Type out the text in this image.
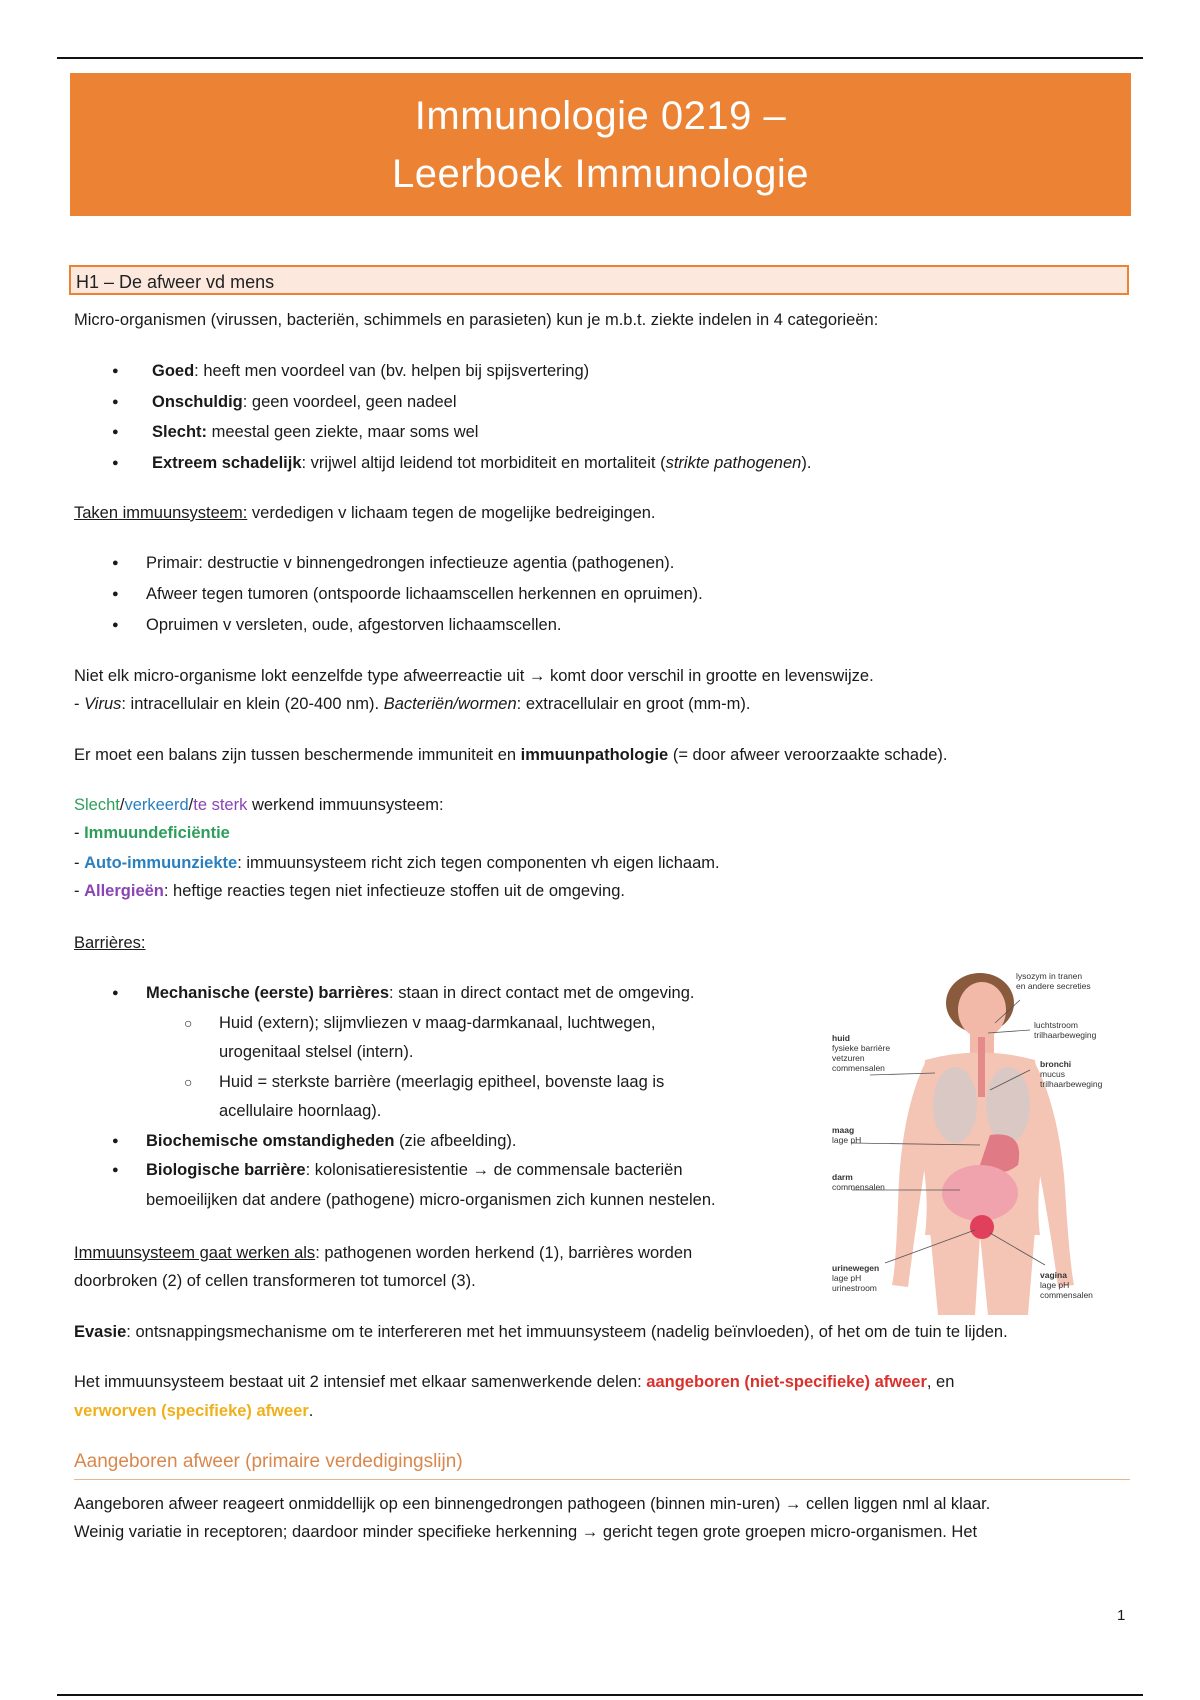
Immunologie 0219 –
Leerboek Immunologie
H1 – De afweer vd mens
Micro-organismen (virussen, bacteriën, schimmels en parasieten) kun je m.b.t. ziekte indelen in 4 categorieën:
● Goed: heeft men voordeel van (bv. helpen bij spijsvertering)
● Onschuldig: geen voordeel, geen nadeel
● Slecht: meestal geen ziekte, maar soms wel
● Extreem schadelijk: vrijwel altijd leidend tot morbiditeit en mortaliteit (strikte pathogenen).
Taken immuunsysteem: verdedigen v lichaam tegen de mogelijke bedreigingen.
● Primair: destructie v binnengedrongen infectieuze agentia (pathogenen).
● Afweer tegen tumoren (ontspoorde lichaamscellen herkennen en opruimen).
● Opruimen v versleten, oude, afgestorven lichaamscellen.
Niet elk micro-organisme lokt eenzelfde type afweerreactie uit → komt door verschil in grootte en levenswijze.
- Virus: intracellulair en klein (20-400 nm). Bacteriën/wormen: extracellulair en groot (mm-m).
Er moet een balans zijn tussen beschermende immuniteit en immuunpathologie (= door afweer veroorzaakte schade).
Slecht/verkeerd/te sterk werkend immuunsysteem:
- Immuundeficiëntie
- Auto-immuunziekte: immuunsysteem richt zich tegen componenten vh eigen lichaam.
- Allergieën: heftige reacties tegen niet infectieuze stoffen uit de omgeving.
Barrières:
● Mechanische (eerste) barrières: staan in direct contact met de omgeving.
○ Huid (extern); slijmvliezen v maag-darmkanaal, luchtwegen, urogenitaal stelsel (intern).
○ Huid = sterkste barrière (meerlagig epitheel, bovenste laag is acellulaire hoornlaag).
● Biochemische omstandigheden (zie afbeelding).
● Biologische barrière: kolonisatieresistentie → de commensale bacteriën
bemoeilijken dat andere (pathogene) micro-organismen zich kunnen nestelen.
Immuunsysteem gaat werken als: pathogenen worden herkend (1), barrières worden
doorbroken (2) of cellen transformeren tot tumorcel (3).
lysozym in tranen
en andere secreties
luchtstroom
trilhaarbeweging
huid
fysieke barrière
vetzuren
commensalen	bronchi
mucus
trilhaarbeweging
maag
lage pH
darm
commensalen
urinewegen
lage pH
urinestroom
vagina
lage pH
commensalen
Evasie: ontsnappingsmechanisme om te interfereren met het immuunsysteem (nadelig beïnvloeden), of het om de tuin te lijden.
Het immuunsysteem bestaat uit 2 intensief met elkaar samenwerkende delen: aangeboren (niet-specifieke) afweer, en
verworven (specifieke) afweer.
Aangeboren afweer (primaire verdedigingslijn)
Aangeboren afweer reageert onmiddellijk op een binnengedrongen pathogeen (binnen min-uren) → cellen liggen nml al klaar.
Weinig variatie in receptoren; daardoor minder specifieke herkenning → gericht tegen grote groepen micro-organismen. Het
1
